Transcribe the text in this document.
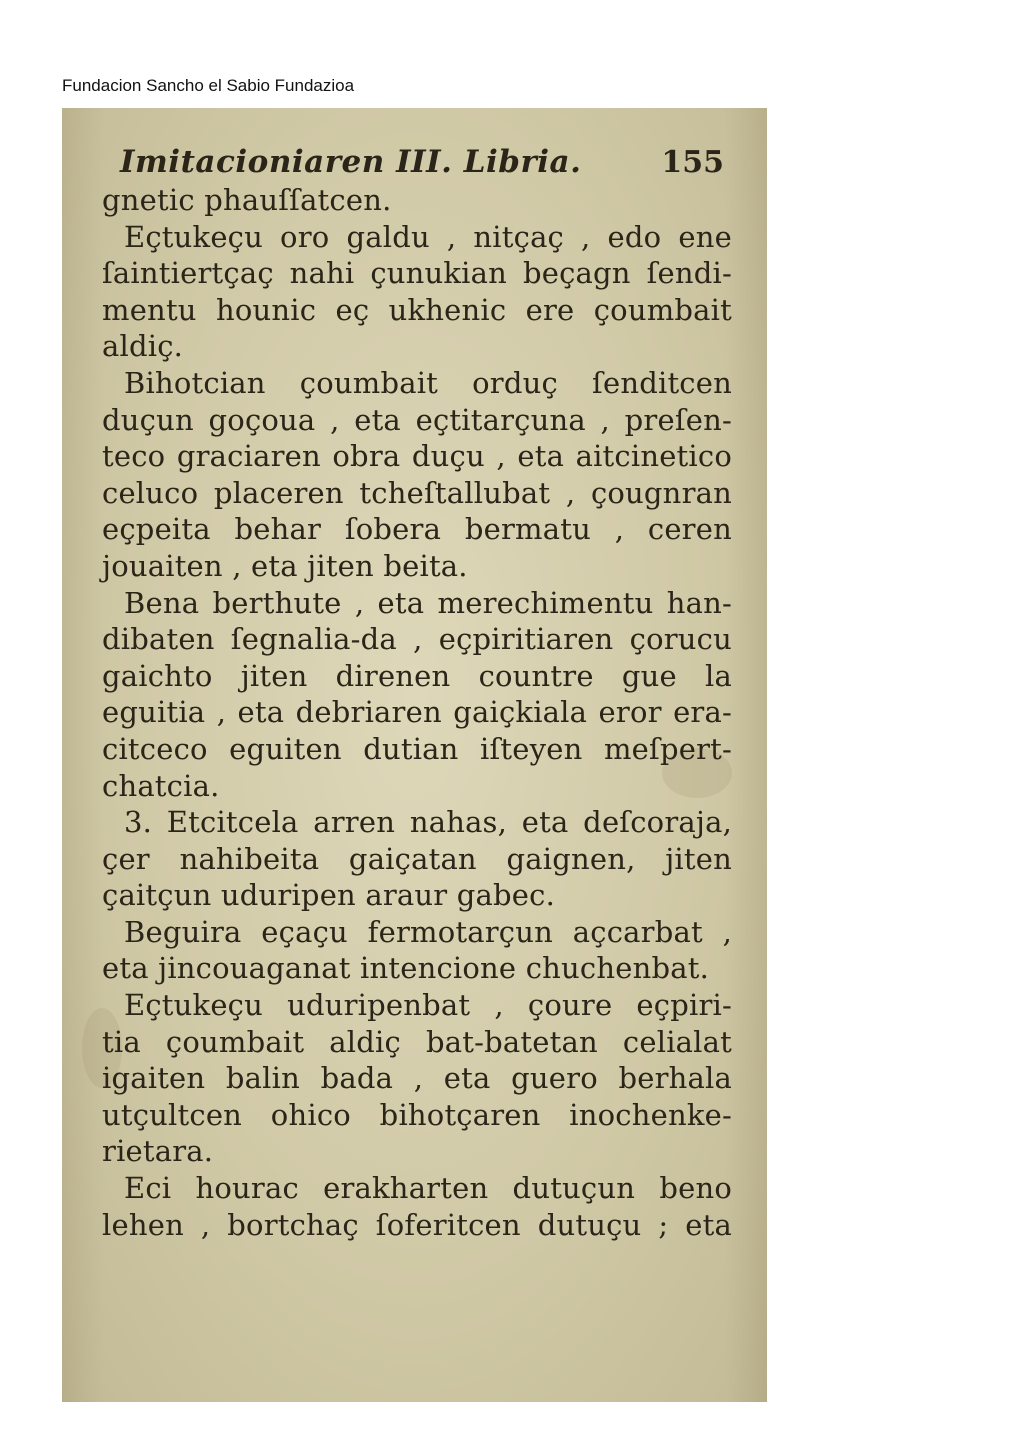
Fundacion Sancho el Sabio Fundazioa
Imitacioniaren III. Libria.	155
gnetic phauſſatcen.
Eçtukeçu oro galdu , nitçaç , edo ene
ſaintiertçaç nahi çunukian beçagn ſendi-
mentu hounic eç ukhenic ere çoumbait
aldiç.
Bihotcian çoumbait orduç ſenditcen
duçun goçoua , eta eçtitarçuna , preſen-
teco graciaren obra duçu , eta aitcinetico
celuco placeren tcheſtallubat , çougnran
eçpeita behar ſobera bermatu , ceren
jouaiten , eta jiten beita.
Bena berthute , eta merechimentu han-
dibaten ſegnalia-da , eçpiritiaren çorucu
gaichto jiten direnen countre gue la
eguitia , eta debriaren gaiçkiala eror era-
citceco eguiten dutian iſteyen meſpert-
chatcia.
3. Etcitcela arren nahas, eta deſcoraja,
çer nahibeita gaiçatan gaignen, jiten
çaitçun uduripen araur gabec.
Beguira eçaçu fermotarçun açcarbat ,
eta jincouaganat intencione chuchenbat.
Eçtukeçu uduripenbat , çoure eçpiri-
tia çoumbait aldiç bat-batetan celialat
igaiten balin bada , eta guero berhala
utçultcen ohico bihotçaren inochenke-
rietara.
Eci hourac erakharten dutuçun beno
lehen , bortchaç ſoferitcen dutuçu ; eta
